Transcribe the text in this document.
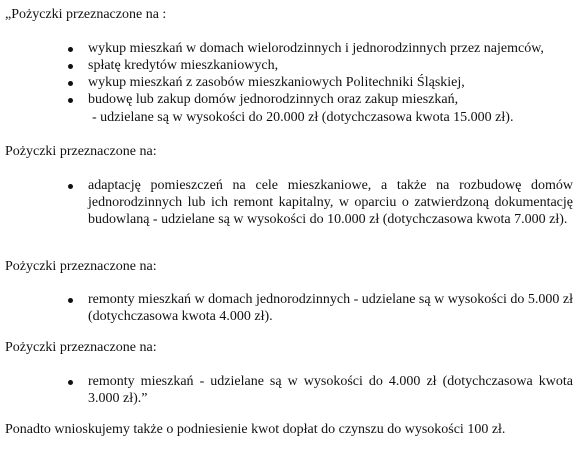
„Pożyczki przeznaczone na :

wykup mieszkań w domach wielorodzinnych i jednorodzinnych przez najemców,
spłatę kredytów mieszkaniowych,
wykup mieszkań z zasobów mieszkaniowych Politechniki Śląskiej,
budowę lub zakup domów jednorodzinnych oraz zakup mieszkań,
- udzielane są w wysokości do 20.000 zł (dotychczasowa kwota 15.000 zł).

Pożyczki przeznaczone na:

adaptację pomieszczeń na cele mieszkaniowe, a także na rozbudowę domów jednorodzinnych lub ich remont kapitalny, w oparciu o zatwierdzoną dokumentację budowlaną - udzielane są w wysokości do 10.000 zł (dotychczasowa kwota 7.000 zł).

Pożyczki przeznaczone na:

remonty mieszkań w domach jednorodzinnych - udzielane są w wysokości do 5.000 zł (dotychczasowa kwota 4.000 zł).

Pożyczki przeznaczone na:

remonty mieszkań - udzielane są w wysokości do 4.000 zł (dotychczasowa kwota 3.000 zł).”
Ponadto wnioskujemy także o podniesienie kwot dopłat do czynszu do wysokości 100 zł.
